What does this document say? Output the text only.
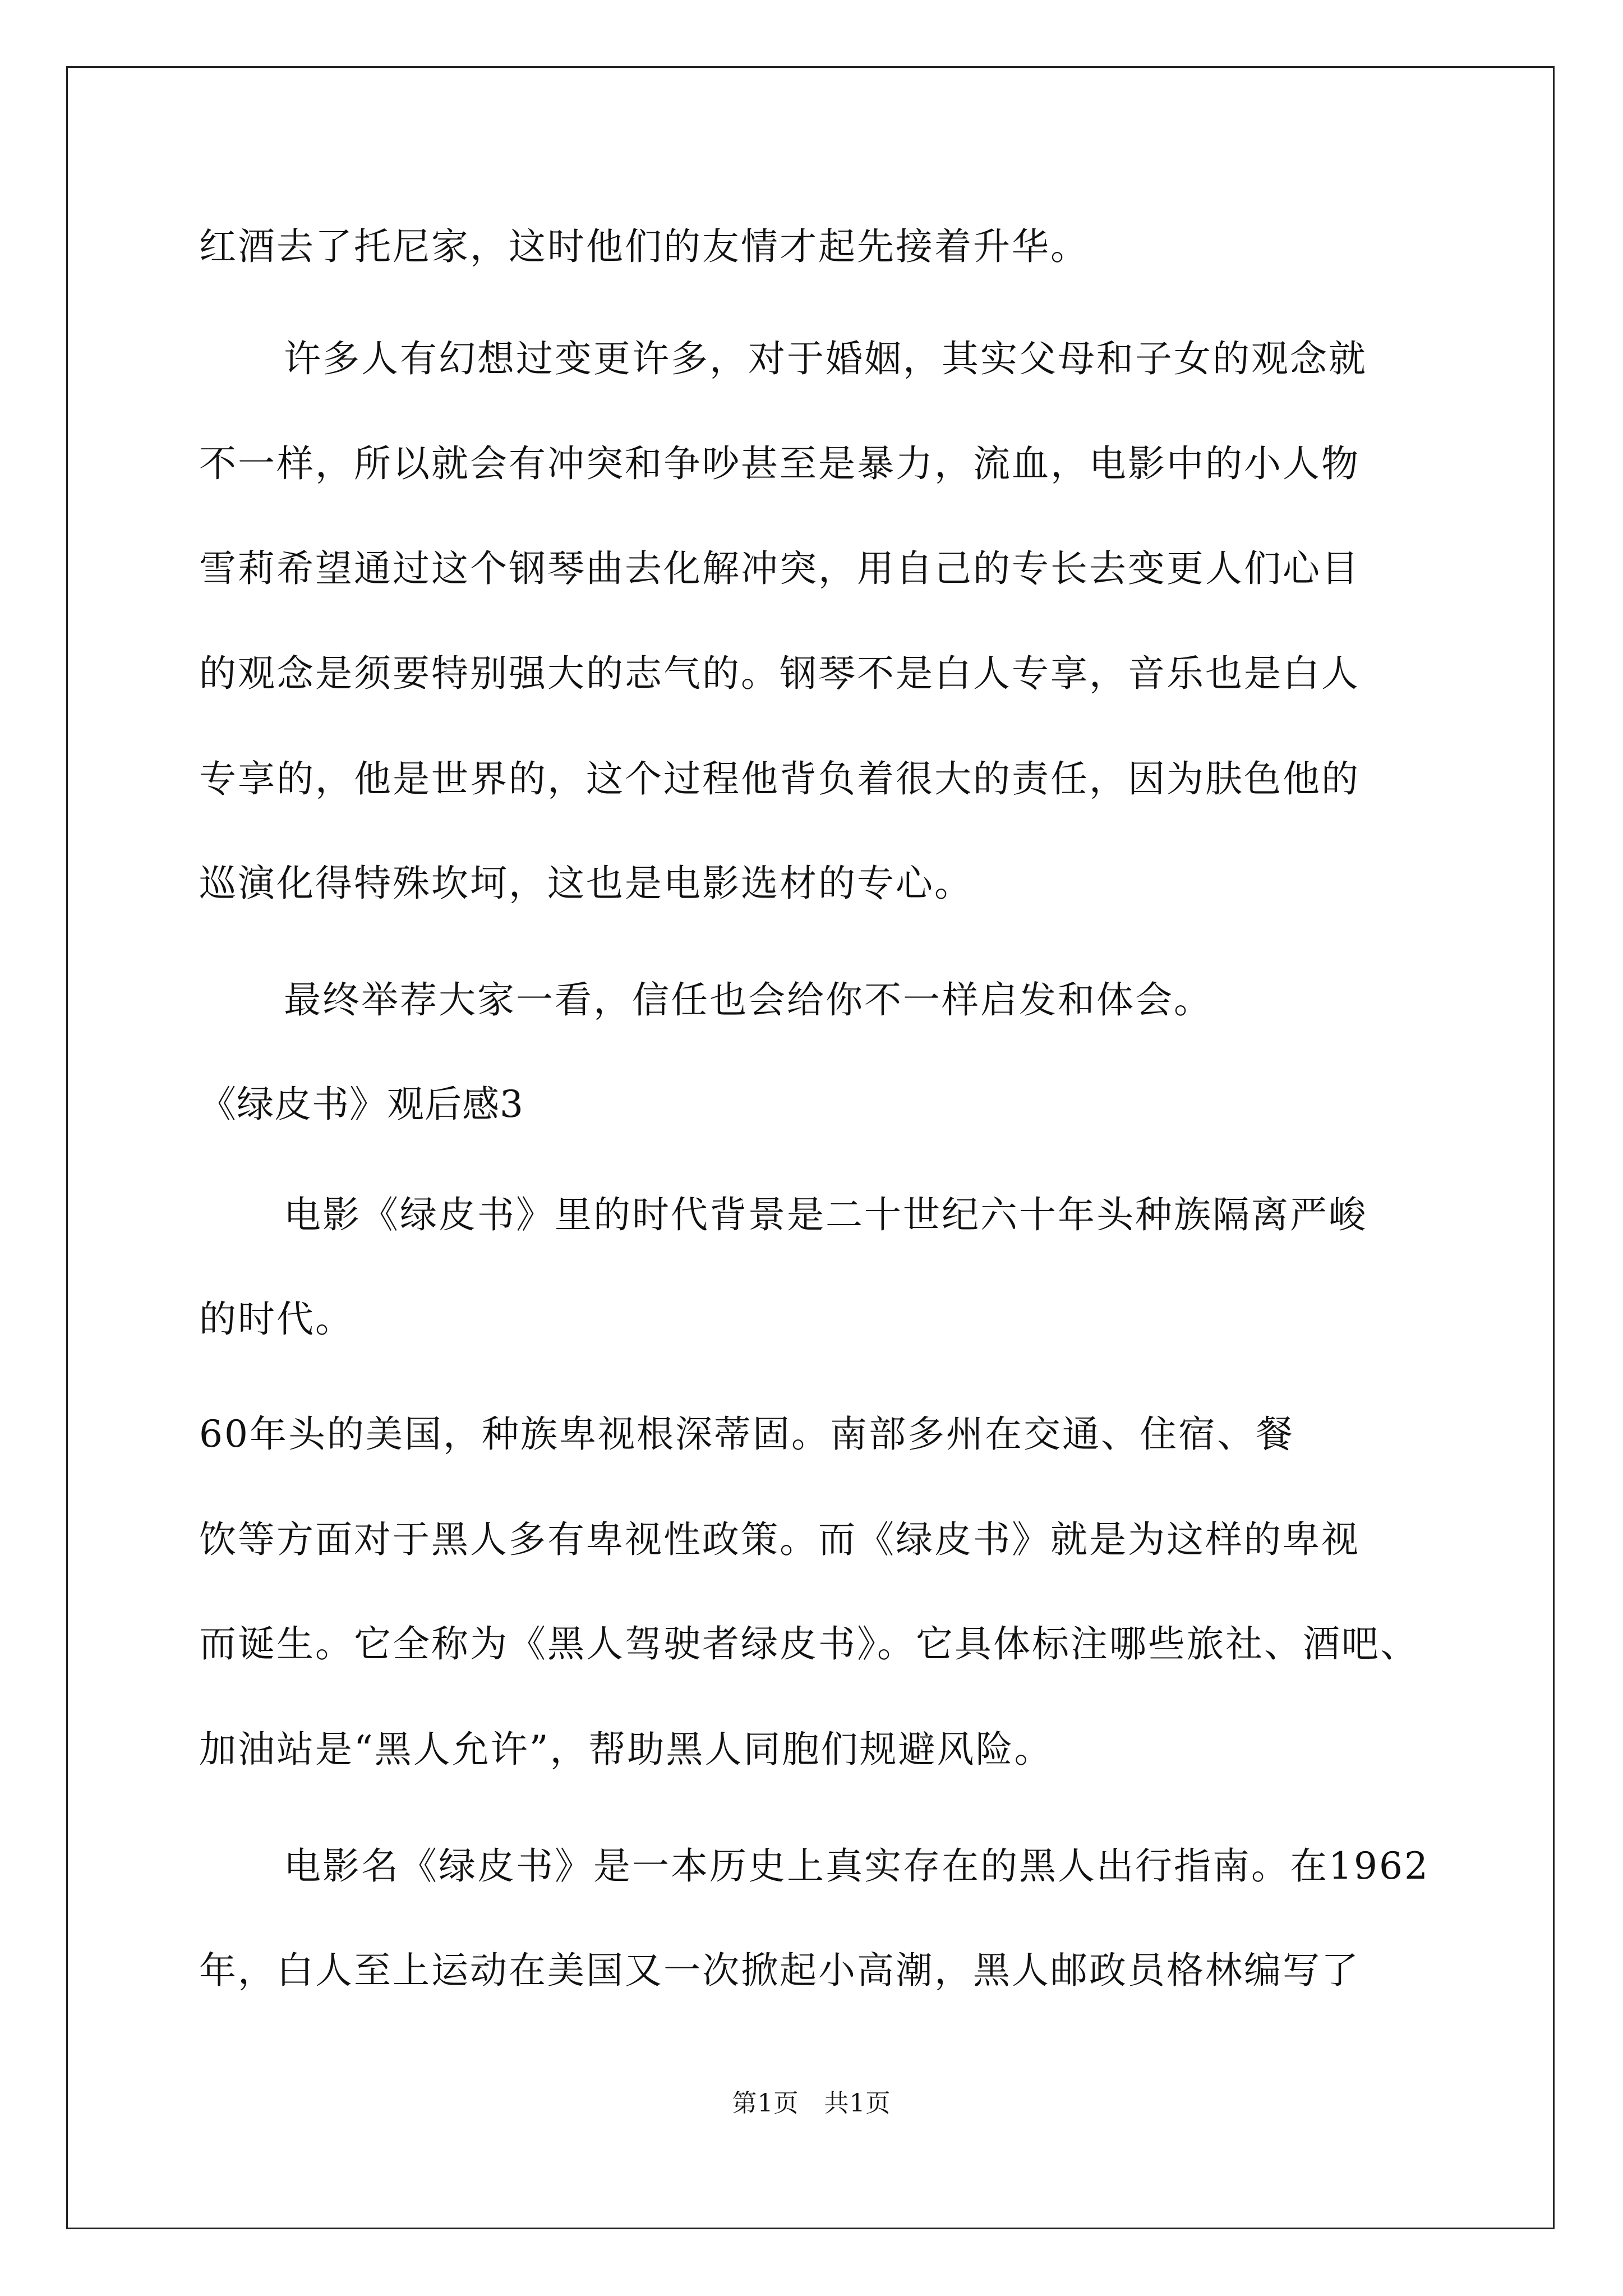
红酒去了托尼家，这时他们的友情才起先接着升华。
许多人有幻想过变更许多，对于婚姻，其实父母和子女的观念就
不一样，所以就会有冲突和争吵甚至是暴力，流血，电影中的小人物
雪莉希望通过这个钢琴曲去化解冲突，用自己的专长去变更人们心目
的观念是须要特别强大的志气的。钢琴不是白人专享，音乐也是白人
专享的，他是世界的，这个过程他背负着很大的责任，因为肤色他的
巡演化得特殊坎坷，这也是电影选材的专心。
最终举荐大家一看，信任也会给你不一样启发和体会。
《绿皮书》观后感3
电影《绿皮书》里的时代背景是二十世纪六十年头种族隔离严峻
的时代。
60年头的美国，种族卑视根深蒂固。南部多州在交通、住宿、餐
饮等方面对于黑人多有卑视性政策。而《绿皮书》就是为这样的卑视
而诞生。它全称为《黑人驾驶者绿皮书》。它具体标注哪些旅社、酒吧、
加油站是“黑人允许”，帮助黑人同胞们规避风险。
电影名《绿皮书》是一本历史上真实存在的黑人出行指南。在1962
年，白人至上运动在美国又一次掀起小高潮，黑人邮政员格林编写了
第1页　共1页
